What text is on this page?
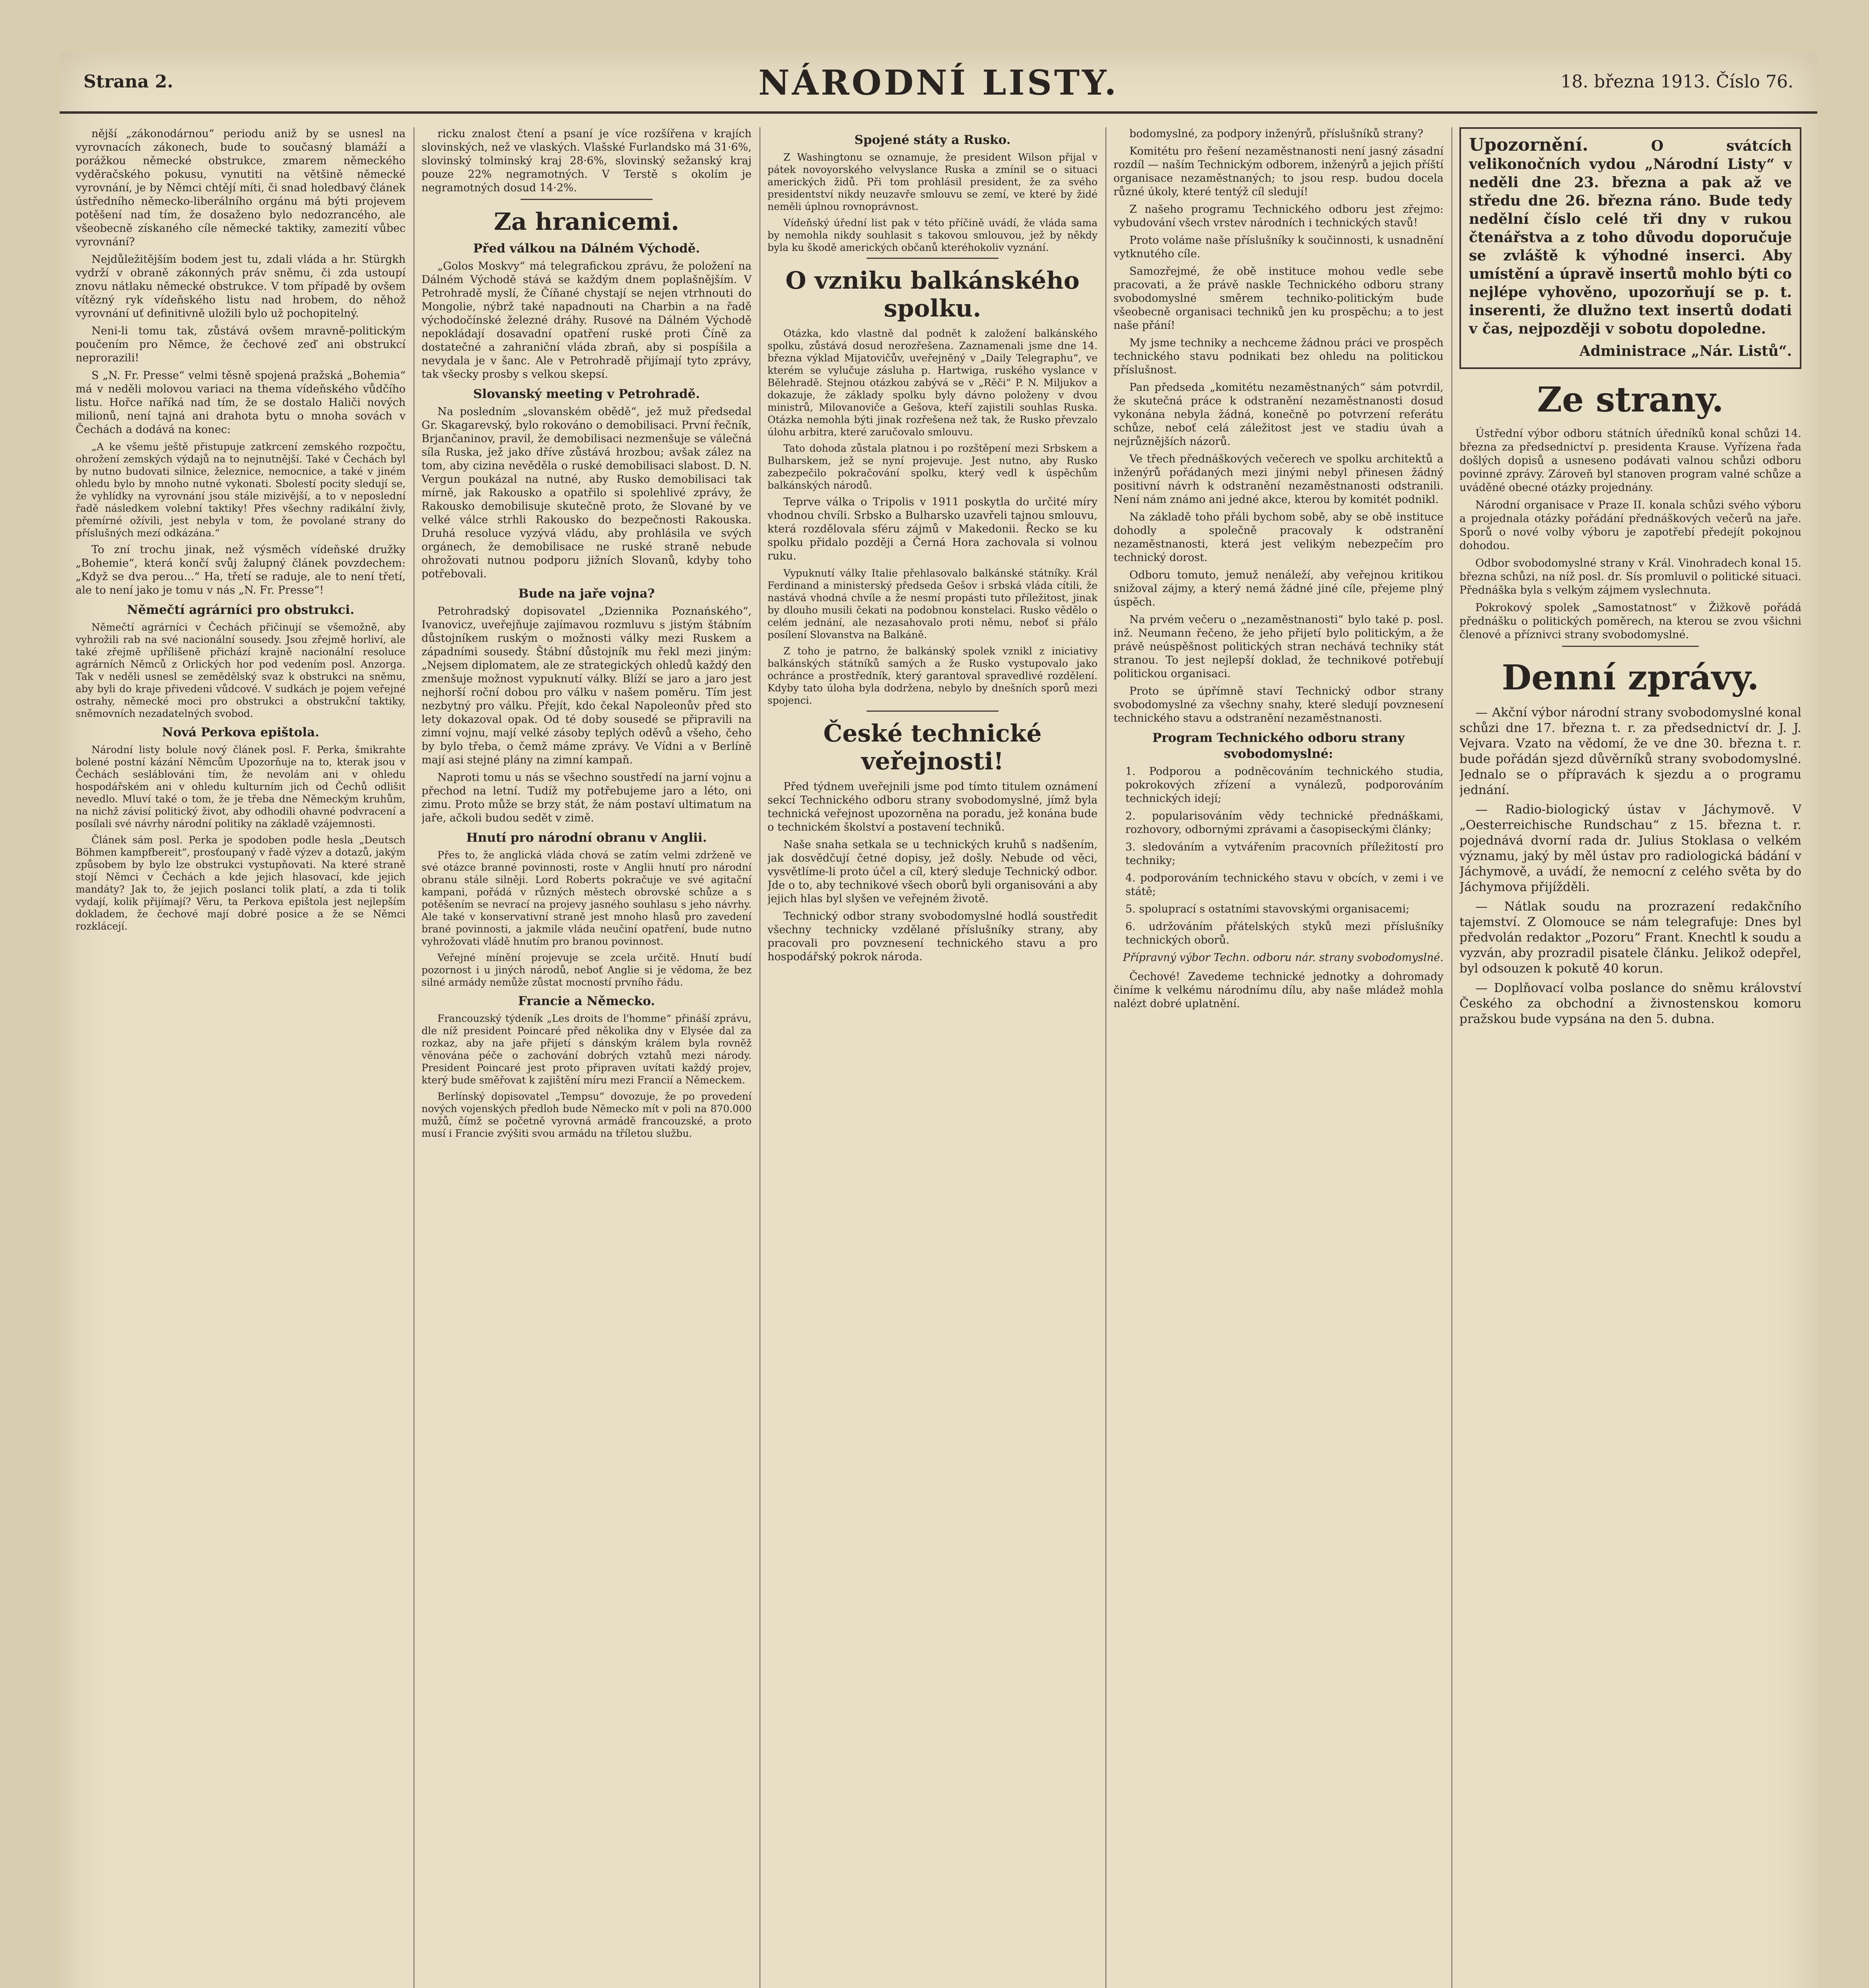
Strana 2.	NÁRODNÍ LISTY.	18. března 1913. Číslo 76.

nější „zákonodárnou“ periodu aniž by se usnesl na vyrovnacích zákonech, bude to současný blamáží a porážkou německé obstrukce, zmarem německého vyděračského pokusu, vynutiti na většině německé vyrovnání, je by Němci chtějí míti, či snad holedbavý článek ústředního německo-liberálního orgánu má býti projevem potěšení nad tím, že dosaženo bylo nedozrancého, ale všeobecně získaného cíle německé taktiky, zamezití vůbec vyrovnání?

Nejdůležitějším bodem jest tu, zdali vláda a hr. Stürgkh vydrží v obraně zákonných práv sněmu, či zda ustoupí znovu nátlaku německé obstrukce. V tom případě by ovšem vítězný ryk vídeňského listu nad hrobem, do něhož vyrovnání uť definitivně uložili bylo už pochopitelný.

Neni-li tomu tak, zůstává ovšem mravně-politickým poučením pro Němce, že čechové zeď ani obstrukcí neprorazili!

S „N. Fr. Presse“ velmi těsně spojená pražská „Bohemia“ má v neděli molovou variaci na thema vídeňského vůdčího listu. Hořce naříká nad tím, že se dostalo Haliči nových milionů, není tajná ani drahota bytu o mnoha sovách v Čechách a dodává na konec:

„A ke všemu ještě přistupuje zatkrcení zemského rozpočtu, ohrožení zemských výdajů na to nejnutnější. Také v Čechách byl by nutno budovati silnice, železnice, nemocnice, a také v jiném ohledu bylo by mnoho nutné vykonati. Sbolestí pocity sledují se, že vyhlídky na vyrovnání jsou stále mizivější, a to v neposlední řadě následkem volební taktiky! Přes všechny radikální živly, přemírné ožívili, jest nebyla v tom, že povolané strany do příslušných mezí odkázána.“

To zní trochu jinak, než výsměch vídeňské družky „Bohemie“, která končí svůj žalupný článek povzdechem: „Když se dva perou...“ Ha, třetí se raduje, ale to není třetí, ale to není jako je tomu v nás „N. Fr. Presse“!

Němečtí agrárníci pro obstrukci.

Němečtí agrárníci v Čechách přičinují se všemožně, aby vyhrožili rab na své nacionální sousedy. Jsou zřejmě horliví, ale také zřejmě upřílišeně přichází krajně nacionální resoluce agrárních Němců z Orlických hor pod vedením posl. Anzorga. Tak v neděli usnesl se zemědělský svaz k obstrukci na sněmu, aby byli do kraje přivedeni vůdcové. V sudkách je pojem veřejné ostrahy, německé moci pro obstrukci a obstrukční taktiky, sněmovních nezadatelných svobod.

Nová Perkova epištola.

Národní listy bolule nový článek posl. F. Perka, šmikrahte bolené postní kázání Němcům Upozorňuje na to, kterak jsou v Čechách sesláblováni tím, že nevolám ani v ohledu hospodářském ani v ohledu kulturním jich od Čechů odlišit nevedlo. Mluví také o tom, že je třeba dne Německým kruhům, na nichž závisí politický život, aby odhodili ohavné podvracení a posílali své návrhy národní politiky na základě vzájemnosti.

Článek sám posl. Perka je spodoben podle hesla „Deutsch Böhmen kampfbereit“, prosťoupaný v řadě výzev a dotazů, jakým způsobem by bylo lze obstrukci vystupňovati. Na které straně stojí Němci v Čechách a kde jejich hlasovací, kde jejich mandáty? Jak to, že jejich poslanci tolik platí, a zda ti tolik vydají, kolik přijímají? Věru, ta Perkova epištola jest nejlepším dokladem, že čechové mají dobré posice a že se Němci rozklácejí.

ricku znalost čtení a psaní je více rozšířena v krajích slovinských, než ve vlaských. Vlašské Furlandsko má 31·6%, slovinský tolminský kraj 28·6%, slovinský sežanský kraj pouze 22% negramotných. V Terstě s okolím je negramotných dosud 14·2%.

Za hranicemi.
Před válkou na Dálném Východě.

„Golos Moskvy“ má telegrafickou zprávu, že položení na Dálném Východě stává se každým dnem poplašnějším. V Petrohradě myslí, že Číňané chystají se nejen vtrhnouti do Mongolie, nýbrž také napadnouti na Charbin a na řadě východočínské železné dráhy. Rusové na Dálném Východě nepokládají dosavadní opatření ruské proti Číně za dostatečné a zahraniční vláda zbraň, aby si pospíšila a nevydala je v šanc. Ale v Petrohradě přijímají tyto zprávy, tak všecky prosby s velkou skepsí.

Slovanský meeting v Petrohradě.

Na posledním „slovanském obědě“, jež muž předsedal Gr. Skagarevský, bylo rokováno o demobilisaci. První řečník, Brjančaninov, pravil, že demobilisaci nezmenšuje se válečná síla Ruska, jež jako dříve zůstává hrozbou; avšak zález na tom, aby cizina nevěděla o ruské demobilisaci slabost. D. N. Vergun poukázal na nutné, aby Rusko demobilisaci tak mírně, jak Rakousko a opatřilo si spolehlivé zprávy, že Rakousko demobilisuje skutečně proto, že Slované by ve velké válce strhli Rakousko do bezpečnosti Rakouska. Druhá resoluce vyzývá vládu, aby prohlásila ve svých orgánech, že demobilisace ne ruské straně nebude ohrožovati nutnou podporu jižních Slovanů, kdyby toho potřebovali.

Bude na jaře vojna?

Petrohradský dopisovatel „Dziennika Poznańského“, Ivanovicz, uveřejňuje zajímavou rozmluvu s jistým štábním důstojníkem ruským o možnosti války mezi Ruskem a západními sousedy. Štábní důstojník mu řekl mezi jiným: „Nejsem diplomatem, ale ze strategických ohledů každý den zmenšuje možnost vypuknutí války. Blíží se jaro a jaro jest nejhorší roční dobou pro válku v našem poměru. Tím jest nezbytný pro válku. Přejít, kdo čekal Napoleonův před sto lety dokazoval opak. Od té doby sousedé se připravili na zimní vojnu, mají velké zásoby teplých oděvů a všeho, čeho by bylo třeba, o čemž máme zprávy. Ve Vídni a v Berlíně mají asi stejné plány na zimní kampaň.

Naproti tomu u nás se všechno soustředí na jarní vojnu a přechod na letní. Tudíž my potřebujeme jaro a léto, oni zimu. Proto může se brzy stát, že nám postaví ultimatum na jaře, ačkoli budou sedět v zimě.

Hnutí pro národní obranu v Anglii.

Přes to, že anglická vláda chová se zatím velmi zdrženě ve své otázce branné povinnosti, roste v Anglii hnutí pro národní obranu stále silněji. Lord Roberts pokračuje ve své agitační kampani, pořádá v různých městech obrovské schůze a s potěšením se nevrací na projevy jasného souhlasu s jeho návrhy. Ale také v konservativní straně jest mnoho hlasů pro zavedení brané povinnosti, a jakmile vláda neučiní opatření, bude nutno vyhrožovati vládě hnutím pro branou povinnost.

Veřejné mínění projevuje se zcela určitě. Hnutí budí pozornost i u jiných národů, neboť Anglie si je vědoma, že bez silné armády nemůže zůstat mocností prvního řádu.

Francie a Německo.

Francouzský týdeník „Les droits de l'homme“ přináší zprávu, dle níž president Poincaré před několika dny v Elysée dal za rozkaz, aby na jaře přijetí s dánským králem byla rovněž věnována péče o zachování dobrých vztahů mezi národy. President Poincaré jest proto připraven uvítati každý projev, který bude směřovat k zajištění míru mezi Francií a Německem.

Berlínský dopisovatel „Tempsu“ dovozuje, že po provedení nových vojenských předloh bude Německo mít v poli na 870.000 mužů, čímž se početně vyrovná armádě francouzské, a proto musí i Francie zvýšiti svou armádu na tříletou službu.

Spojené státy a Rusko.

Z Washingtonu se oznamuje, že president Wilson přijal v pátek novoyorského velvyslance Ruska a zmínil se o situaci amerických židů. Při tom prohlásil president, že za svého presidentství nikdy neuzavře smlouvu se zemí, ve které by židé neměli úplnou rovnoprávnost.

Vídeňský úřední list pak v této příčině uvádí, že vláda sama by nemohla nikdy souhlasit s takovou smlouvou, jež by někdy byla ku škodě amerických občanů kteréhokoliv vyznání.

O vzniku balkánského spolku.

Otázka, kdo vlastně dal podnět k založení balkánského spolku, zůstává dosud nerozřešena. Zaznamenali jsme dne 14. března výklad Mijatovičův, uveřejněný v „Daily Telegraphu“, ve kterém se vylučuje zásluha p. Hartwiga, ruského vyslance v Bělehradě. Stejnou otázkou zabývá se v „Rěči“ P. N. Miljukov a dokazuje, že základy spolku byly dávno položeny v dvou ministrů, Milovanoviče a Gešova, kteří zajistili souhlas Ruska. Otázka nemohla býti jinak rozřešena než tak, že Rusko převzalo úlohu arbitra, které zaručovalo smlouvu.

Tato dohoda zůstala platnou i po rozštěpení mezi Srbskem a Bulharskem, jež se nyní projevuje. Jest nutno, aby Rusko zabezpečilo pokračování spolku, který vedl k úspěchům balkánských národů.

Teprve válka o Tripolis v 1911 poskytla do určité míry vhodnou chvíli. Srbsko a Bulharsko uzavřeli tajnou smlouvu, která rozdělovala sféru zájmů v Makedonii. Řecko se ku spolku přidalo později a Černá Hora zachovala si volnou ruku.

Vypuknutí války Italie přehlasovalo balkánské státníky. Král Ferdinand a ministerský předseda Gešov i srbská vláda cítili, že nastává vhodná chvíle a že nesmí propásti tuto příležitost, jinak by dlouho musili čekati na podobnou konstelaci. Rusko vědělo o celém jednání, ale nezasahovalo proti němu, neboť si přálo posílení Slovanstva na Balkáně.

Z toho je patrno, že balkánský spolek vznikl z iniciativy balkánských státníků samých a že Rusko vystupovalo jako ochránce a prostředník, který garantoval spravedlivé rozdělení. Kdyby tato úloha byla dodržena, nebylo by dnešních sporů mezi spojenci.

České technické veřejnosti!

Před týdnem uveřejnili jsme pod tímto titulem oznámení sekcí Technického odboru strany svobodomyslné, jímž byla technická veřejnost upozorněna na poradu, jež konána bude o technickém školství a postavení techniků.

Naše snaha setkala se u technických kruhů s nadšením, jak dosvědčují četné dopisy, jež došly. Nebude od věci, vysvětlíme-li proto účel a cíl, který sleduje Technický odbor. Jde o to, aby technikové všech oborů byli organisováni a aby jejich hlas byl slyšen ve veřejném životě.

Technický odbor strany svobodomyslné hodlá soustředit všechny technicky vzdělané příslušníky strany, aby pracovali pro povznesení technického stavu a pro hospodářský pokrok národa.

bodomyslné, za podpory inženýrů, příslušníků strany?

Komitétu pro řešení nezaměstnanosti není jasný zásadní rozdíl — naším Technickým odborem, inženýrů a jejich příští organisace nezaměstnaných; to jsou resp. budou docela různé úkoly, které tentýž cíl sledují!

Z našeho programu Technického odboru jest zřejmo: vybudování všech vrstev národních i technických stavů!

Proto voláme naše příslušníky k součinnosti, k usnadnění vytknutého cíle.

Samozřejmé, že obě instituce mohou vedle sebe pracovati, a že právě naskle Technického odboru strany svobodomyslné směrem techniko-politickým bude všeobecně organisaci techniků jen ku prospěchu; a to jest naše přání!

My jsme techniky a nechceme žádnou práci ve prospěch technického stavu podnikati bez ohledu na politickou příslušnost.

Pan předseda „komitétu nezaměstnaných“ sám potvrdil, že skutečná práce k odstranění nezaměstnanosti dosud vykonána nebyla žádná, konečně po potvrzení referátu schůze, neboť celá záležitost jest ve stadiu úvah a nejrůznějších názorů.

Ve třech přednáškových večerech ve spolku architektů a inženýrů pořádaných mezi jinými nebyl přinesen žádný positivní návrh k odstranění nezaměstnanosti odstranili. Není nám známo ani jedné akce, kterou by komitét podnikl.

Na základě toho přáli bychom sobě, aby se obě instituce dohodly a společně pracovaly k odstranění nezaměstnanosti, která jest velikým nebezpečím pro technický dorost.

Odboru tomuto, jemuž nenáleží, aby veřejnou kritikou snižoval zájmy, a který nemá žádné jiné cíle, přejeme plný úspěch.

Na prvém večeru o „nezaměstnanosti“ bylo také p. posl. inž. Neumann řečeno, že jeho přijetí bylo politickým, a že právě neúspěšnost politických stran nechává techniky stát stranou. To jest nejlepší doklad, že technikové potřebují politickou organisaci.

Proto se úpřímně staví Technický odbor strany svobodomyslné za všechny snahy, které sledují povznesení technického stavu a odstranění nezaměstnanosti.

Program Technického odboru strany svobodomyslné:

1. Podporou a podněcováním technického studia, pokrokových zřízení a vynálezů, podporováním technických idejí;

2. popularisováním vědy technické přednáškami, rozhovory, odbornými zprávami a časopiseckými články;

3. sledováním a vytvářením pracovních příležitostí pro techniky;

4. podporováním technického stavu v obcích, v zemi i ve státě;

5. spoluprací s ostatními stavovskými organisacemi;

6. udržováním přátelských styků mezi příslušníky technických oborů.

Přípravný výbor Techn. odboru nár. strany svobodomyslné.

Čechové! Zavedeme technické jednotky a dohromady činíme k velkému národnímu dílu, aby naše mládež mohla nalézt dobré uplatnění.

Upozornění.	O svátcích velikonočních vydou „Národní Listy“ v neděli dne 23. března a pak až ve středu dne 26. března ráno. Bude tedy nedělní číslo celé tři dny v rukou čtenářstva a z toho důvodu doporučuje se zvláště k výhodné inserci. Aby umístění a úpravě insertů mohlo býti co nejlépe vyhověno, upozorňují se p. t. inserenti, že dlužno text insertů dodati v čas, nejpozději v sobotu dopoledne.
Administrace „Nár. Listů“.
Ze strany.

Ústřední výbor odboru státních úředníků konal schůzi 14. března za předsednictví p. presidenta Krause. Vyřízena řada došlých dopisů a usneseno podávati valnou schůzi odboru povinné zprávy. Zároveň byl stanoven program valné schůze a uváděné obecné otázky projednány.

Národní organisace v Praze II. konala schůzi svého výboru a projednala otázky pořádání přednáškových večerů na jaře. Sporů o nové volby výboru je zapotřebí předejít pokojnou dohodou.

Odbor svobodomyslné strany v Král. Vinohradech konal 15. března schůzi, na níž posl. dr. Sís promluvil o politické situaci. Přednáška byla s velkým zájmem vyslechnuta.

Pokrokový spolek „Samostatnost“ v Žižkově pořádá přednášku o politických poměrech, na kterou se zvou všichni členové a příznivci strany svobodomyslné.

Denní zprávy.

— Akční výbor národní strany svobodomyslné konal schůzi dne 17. března t. r. za předsednictví dr. J. J. Vejvara. Vzato na vědomí, že ve dne 30. března t. r. bude pořádán sjezd důvěrníků strany svobodomyslné. Jednalo se o přípravách k sjezdu a o programu jednání.

— Radio-biologický ústav v Jáchymově. V „Oesterreichische Rundschau“ z 15. března t. r. pojednává dvorní rada dr. Julius Stoklasa o velkém významu, jaký by měl ústav pro radiologická bádání v Jáchymově, a uvádí, že nemocní z celého světa by do Jáchymova přijížděli.

— Nátlak soudu na prozrazení redakčního tajemství. Z Olomouce se nám telegrafuje: Dnes byl předvolán redaktor „Pozoru“ Frant. Knechtl k soudu a vyzván, aby prozradil pisatele článku. Jelikož odepřel, byl odsouzen k pokutě 40 korun.

— Doplňovací volba poslance do sněmu království Českého za obchodní a živnostenskou komoru pražskou bude vypsána na den 5. dubna.
